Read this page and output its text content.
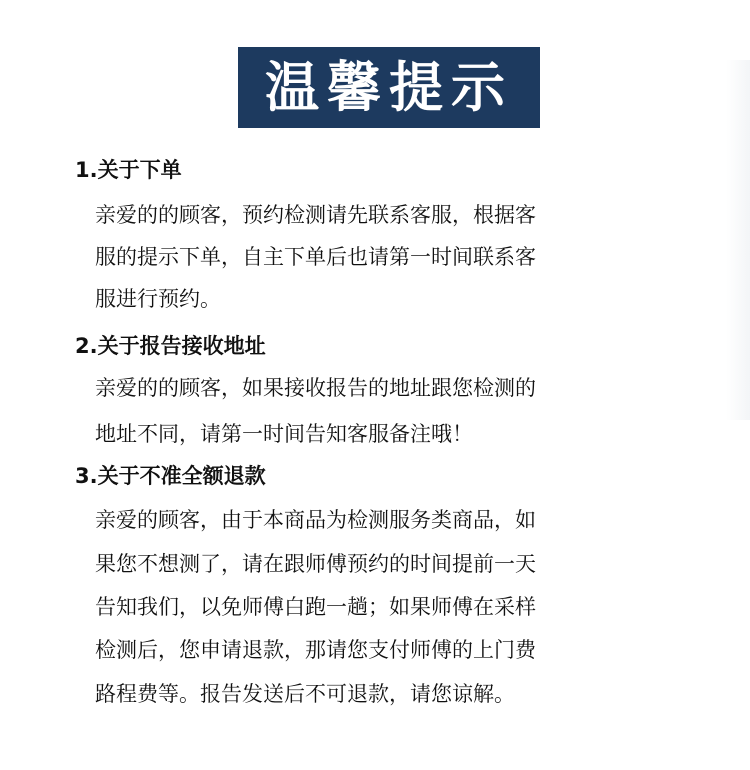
温馨提示
1.关于下单
亲爱的的顾客，预约检测请先联系客服，根据客
服的提示下单，自主下单后也请第一时间联系客
服进行预约。
2.关于报告接收地址
亲爱的的顾客，如果接收报告的地址跟您检测的
地址不同，请第一时间告知客服备注哦！
3.关于不准全额退款
亲爱的顾客，由于本商品为检测服务类商品，如
果您不想测了，请在跟师傅预约的时间提前一天
告知我们，以免师傅白跑一趟；如果师傅在采样
检测后，您申请退款，那请您支付师傅的上门费
路程费等。报告发送后不可退款，请您谅解。
